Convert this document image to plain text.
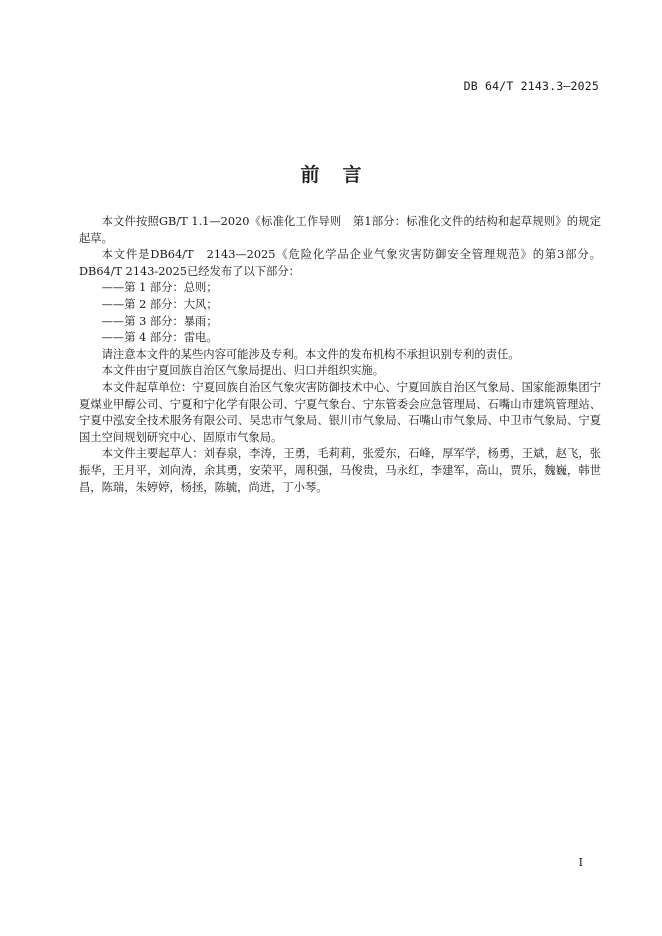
DB 64/T 2143.3—2025
前言

本文件按照GB/T 1.1—2020《标准化工作导则　第1部分：标准化文件的结构和起草规则》的规定起草。

本文件是DB64/T　2143—2025《危险化学品企业气象灾害防御安全管理规范》的第3部分。DB64/T 2143-2025已经发布了以下部分：

——第 1 部分：总则；

——第 2 部分：大风；

——第 3 部分：暴雨；

——第 4 部分：雷电。

请注意本文件的某些内容可能涉及专利。本文件的发布机构不承担识别专利的责任。

本文件由宁夏回族自治区气象局提出、归口并组织实施。

本文件起草单位：宁夏回族自治区气象灾害防御技术中心、宁夏回族自治区气象局、国家能源集团宁夏煤业甲醇公司、宁夏和宁化学有限公司、宁夏气象台、宁东管委会应急管理局、石嘴山市建筑管理站、宁夏中泓安全技术服务有限公司、吴忠市气象局、银川市气象局、石嘴山市气象局、中卫市气象局、宁夏国土空间规划研究中心、固原市气象局。

本文件主要起草人：刘春泉，李涛，王勇，毛莉莉，张爱东，石峰，厚军学，杨勇，王斌，赵飞，张振华，王月平，刘向涛，余其勇，安荣平，周积强，马俊贵，马永红，李建军，高山，贾乐，魏巍，韩世昌，陈瑞，朱婷婷，杨拯，陈毓，尚进，丁小琴。

I
